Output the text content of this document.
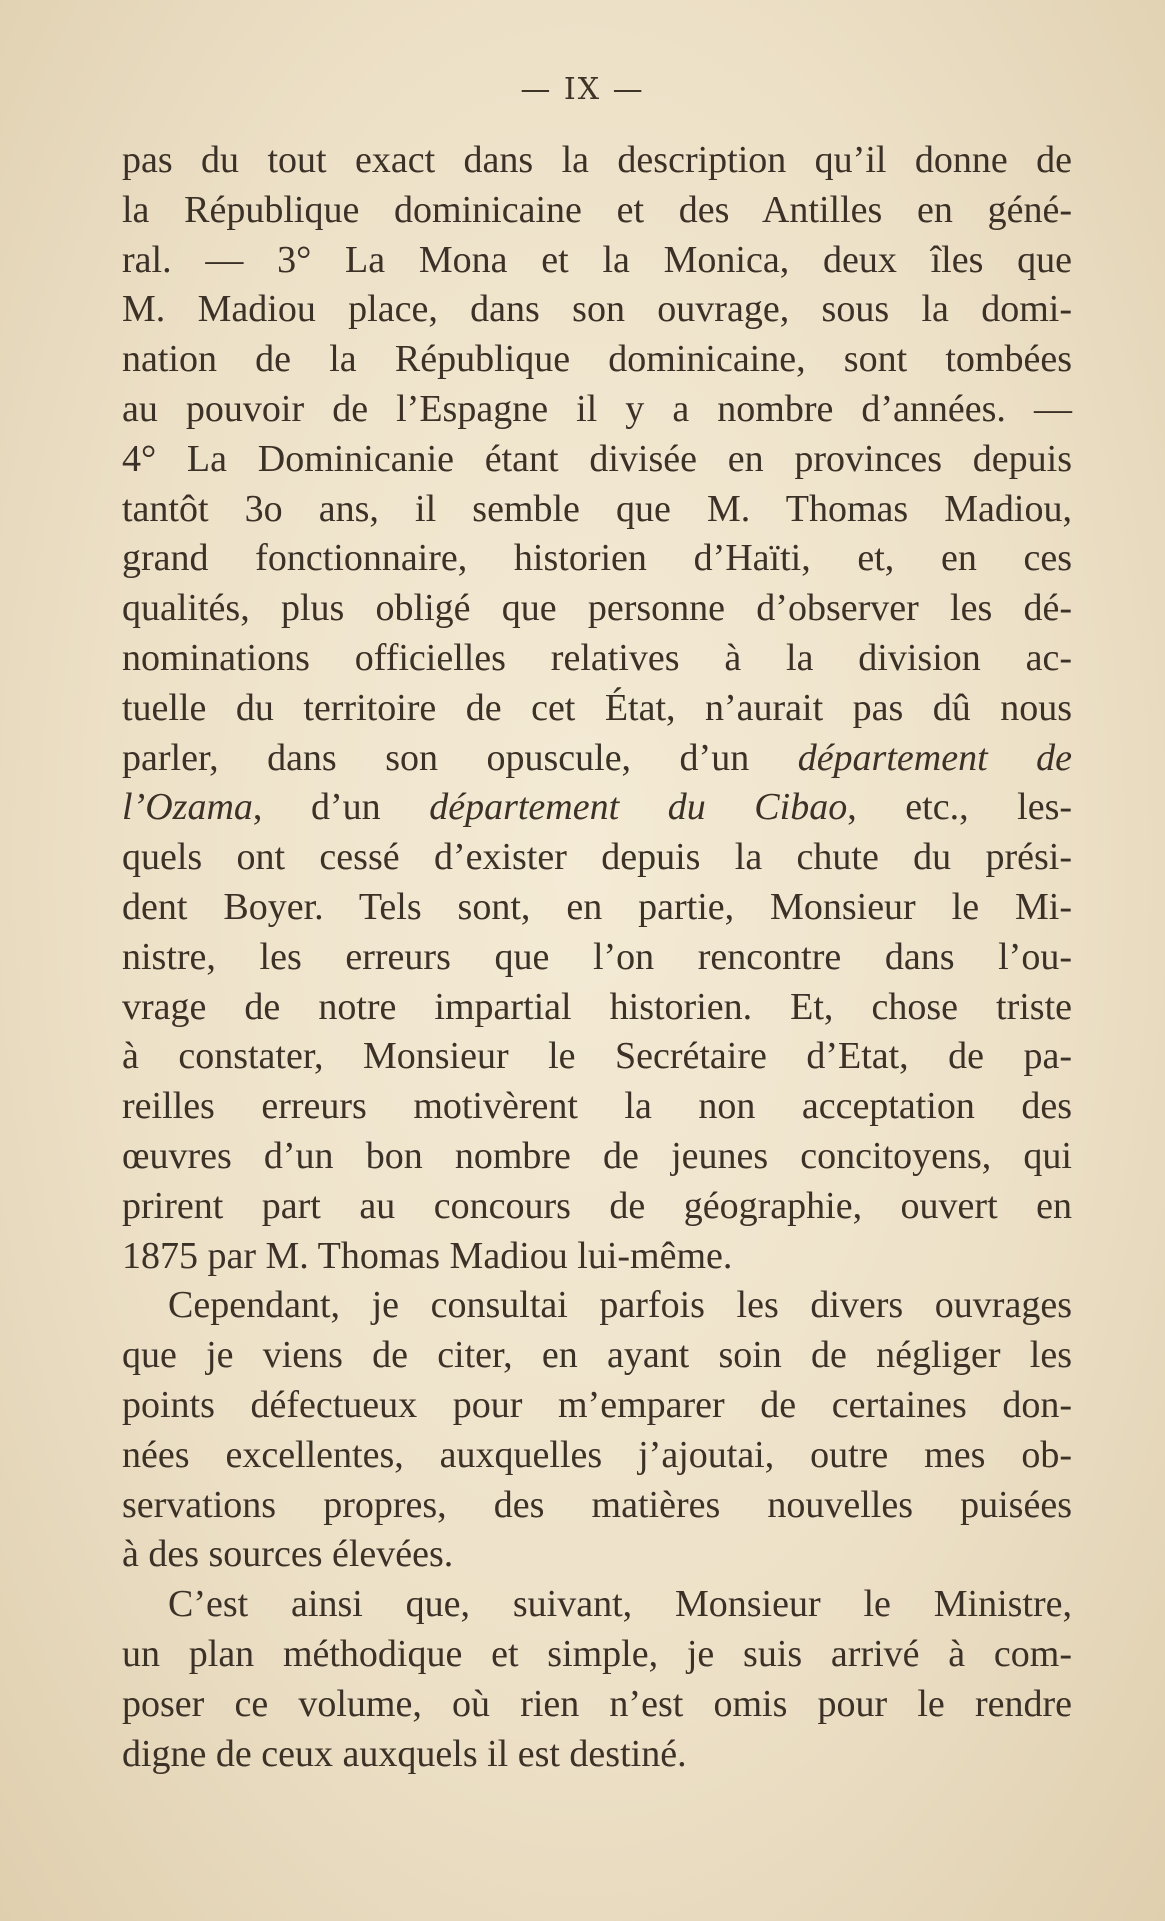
— IX —
pas du tout exact dans la description qu’il donne de
la République dominicaine et des Antilles en géné-
ral. — 3° La Mona et la Monica, deux îles que
M. Madiou place, dans son ouvrage, sous la domi-
nation de la République dominicaine, sont tombées
au pouvoir de l’Espagne il y a nombre d’années. —
4° La Dominicanie étant divisée en provinces depuis
tantôt 3o ans, il semble que M. Thomas Madiou,
grand fonctionnaire, historien d’Haïti, et, en ces
qualités, plus obligé que personne d’observer les dé-
nominations officielles relatives à la division ac-
tuelle du territoire de cet État, n’aurait pas dû nous
parler, dans son opuscule, d’un département de
l’Ozama, d’un département du Cibao, etc., les-
quels ont cessé d’exister depuis la chute du prési-
dent Boyer. Tels sont, en partie, Monsieur le Mi-
nistre, les erreurs que l’on rencontre dans l’ou-
vrage de notre impartial historien. Et, chose triste
à constater, Monsieur le Secrétaire d’Etat, de pa-
reilles erreurs motivèrent la non acceptation des
œuvres d’un bon nombre de jeunes concitoyens, qui
prirent part au concours de géographie, ouvert en
1875 par M. Thomas Madiou lui-même.
Cependant, je consultai parfois les divers ouvrages
que je viens de citer, en ayant soin de négliger les
points défectueux pour m’emparer de certaines don-
nées excellentes, auxquelles j’ajoutai, outre mes ob-
servations propres, des matières nouvelles puisées
à des sources élevées.
C’est ainsi que, suivant, Monsieur le Ministre,
un plan méthodique et simple, je suis arrivé à com-
poser ce volume, où rien n’est omis pour le rendre
digne de ceux auxquels il est destiné.
